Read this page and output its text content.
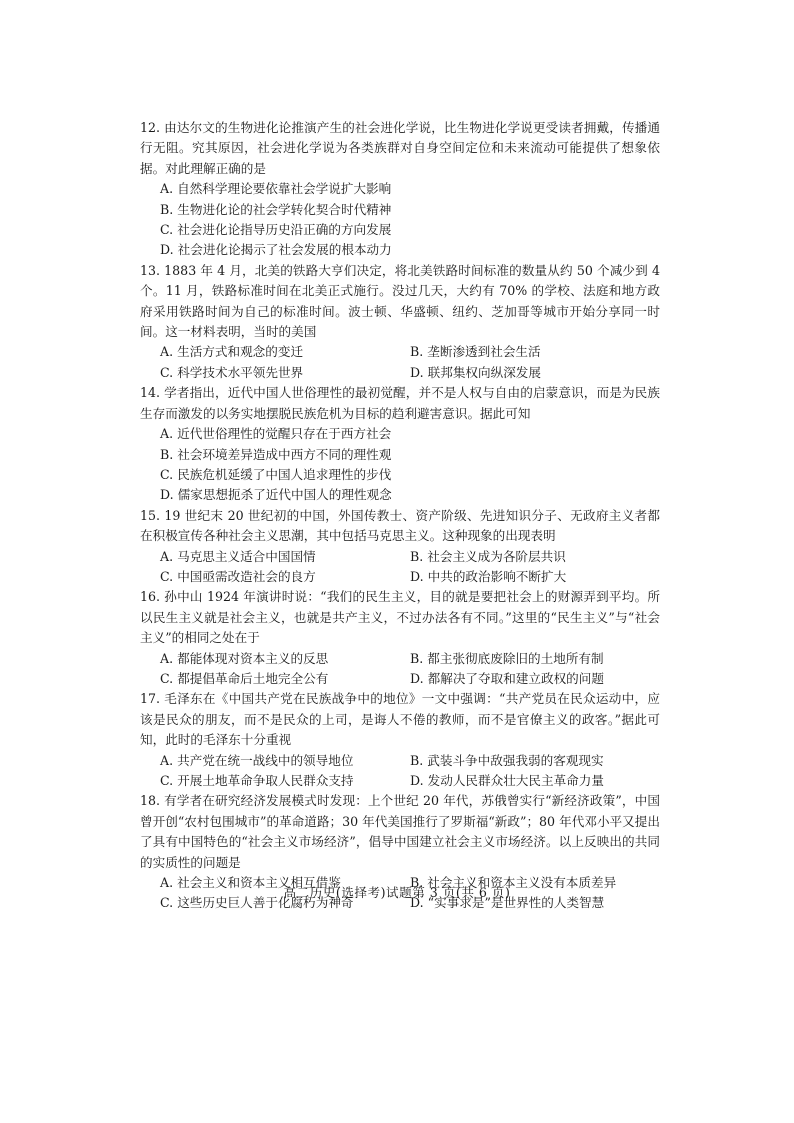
12. 由达尔文的生物进化论推演产生的社会进化学说，比生物进化学说更受读者拥戴，传播通行无阻。究其原因，社会进化学说为各类族群对自身空间定位和未来流动可能提供了想象依据。对此理解正确的是

A. 自然科学理论要依靠社会学说扩大影响
B. 生物进化论的社会学转化契合时代精神
C. 社会进化论指导历史沿正确的方向发展
D. 社会进化论揭示了社会发展的根本动力

13. 1883 年 4 月，北美的铁路大亨们决定，将北美铁路时间标准的数量从约 50 个减少到 4 个。11 月，铁路标准时间在北美正式施行。没过几天，大约有 70% 的学校、法庭和地方政府采用铁路时间为自己的标准时间。波士顿、华盛顿、纽约、芝加哥等城市开始分享同一时间。这一材料表明，当时的美国

A. 生活方式和观念的变迁	B. 垄断渗透到社会生活
C. 科学技术水平领先世界	D. 联邦集权向纵深发展

14. 学者指出，近代中国人世俗理性的最初觉醒，并不是人权与自由的启蒙意识，而是为民族生存而激发的以务实地摆脱民族危机为目标的趋利避害意识。据此可知

A. 近代世俗理性的觉醒只存在于西方社会
B. 社会环境差异造成中西方不同的理性观
C. 民族危机延缓了中国人追求理性的步伐
D. 儒家思想扼杀了近代中国人的理性观念

15. 19 世纪末 20 世纪初的中国，外国传教士、资产阶级、先进知识分子、无政府主义者都在积极宣传各种社会主义思潮，其中包括马克思主义。这种现象的出现表明

A. 马克思主义适合中国国情	B. 社会主义成为各阶层共识
C. 中国亟需改造社会的良方	D. 中共的政治影响不断扩大

16. 孙中山 1924 年演讲时说：“我们的民生主义，目的就是要把社会上的财源弄到平均。所以民生主义就是社会主义，也就是共产主义，不过办法各有不同。”这里的“民生主义”与“社会主义”的相同之处在于

A. 都能体现对资本主义的反思	B. 都主张彻底废除旧的土地所有制
C. 都提倡革命后土地完全公有	D. 都解决了夺取和建立政权的问题

17. 毛泽东在《中国共产党在民族战争中的地位》一文中强调：“共产党员在民众运动中，应该是民众的朋友，而不是民众的上司，是诲人不倦的教师，而不是官僚主义的政客。”据此可知，此时的毛泽东十分重视

A. 共产党在统一战线中的领导地位	B. 武装斗争中敌强我弱的客观现实
C. 开展土地革命争取人民群众支持	D. 发动人民群众壮大民主革命力量

18. 有学者在研究经济发展模式时发现：上个世纪 20 年代，苏俄曾实行“新经济政策”，中国曾开创“农村包围城市”的革命道路；30 年代美国推行了罗斯福“新政”；80 年代邓小平又提出了具有中国特色的“社会主义市场经济”，倡导中国建立社会主义市场经济。以上反映出的共同的实质性的问题是

A. 社会主义和资本主义相互借鉴	B. 社会主义和资本主义没有本质差异
C. 这些历史巨人善于化腐朽为神奇	D. “实事求是”是世界性的人类智慧
高二历史(选择考)试题第 3 页(共 6 页)
